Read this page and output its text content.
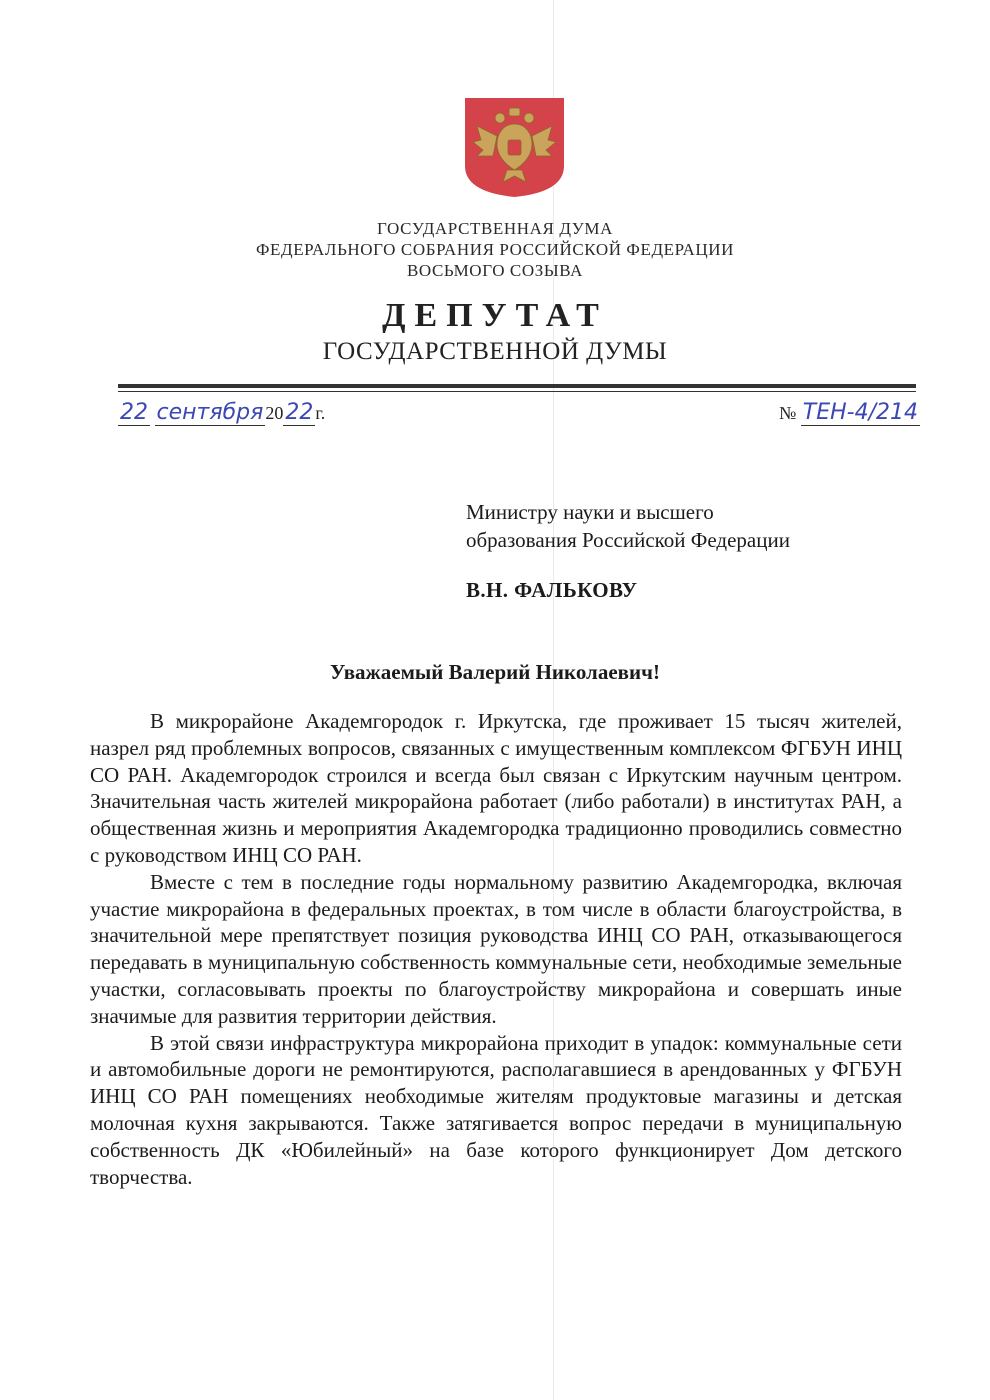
ГОСУДАРСТВЕННАЯ ДУМА
ФЕДЕРАЛЬНОГО СОБРАНИЯ РОССИЙСКОЙ ФЕДЕРАЦИИ
ВОСЬМОГО СОЗЫВА
ДЕПУТАТ
ГОСУДАРСТВЕННОЙ ДУМЫ
22 сентября 2022 г.	№ ТЕН-4/214
Министру науки и высшего
образования Российской Федерации
В.Н. ФАЛЬКОВУ
Уважаемый Валерий Николаевич!

В микрорайоне Академгородок г. Иркутска, где проживает 15 тысяч жителей, назрел ряд проблемных вопросов, связанных с имущественным комплексом ФГБУН ИНЦ СО РАН. Академгородок строился и всегда был связан с Иркутским научным центром. Значительная часть жителей микрорайона работает (либо работали) в институтах РАН, а общественная жизнь и мероприятия Академгородка традиционно проводились совместно с руководством ИНЦ СО РАН.

Вместе с тем в последние годы нормальному развитию Академгородка, включая участие микрорайона в федеральных проектах, в том числе в области благоустройства, в значительной мере препятствует позиция руководства ИНЦ СО РАН, отказывающегося передавать в муниципальную собственность коммунальные сети, необходимые земельные участки, согласовывать проекты по благоустройству микрорайона и совершать иные значимые для развития территории действия.

В этой связи инфраструктура микрорайона приходит в упадок: коммунальные сети и автомобильные дороги не ремонтируются, располагавшиеся в арендованных у ФГБУН ИНЦ СО РАН помещениях необходимые жителям продуктовые магазины и детская молочная кухня закрываются. Также затягивается вопрос передачи в муниципальную собственность ДК «Юбилейный» на базе которого функционирует Дом детского творчества.
